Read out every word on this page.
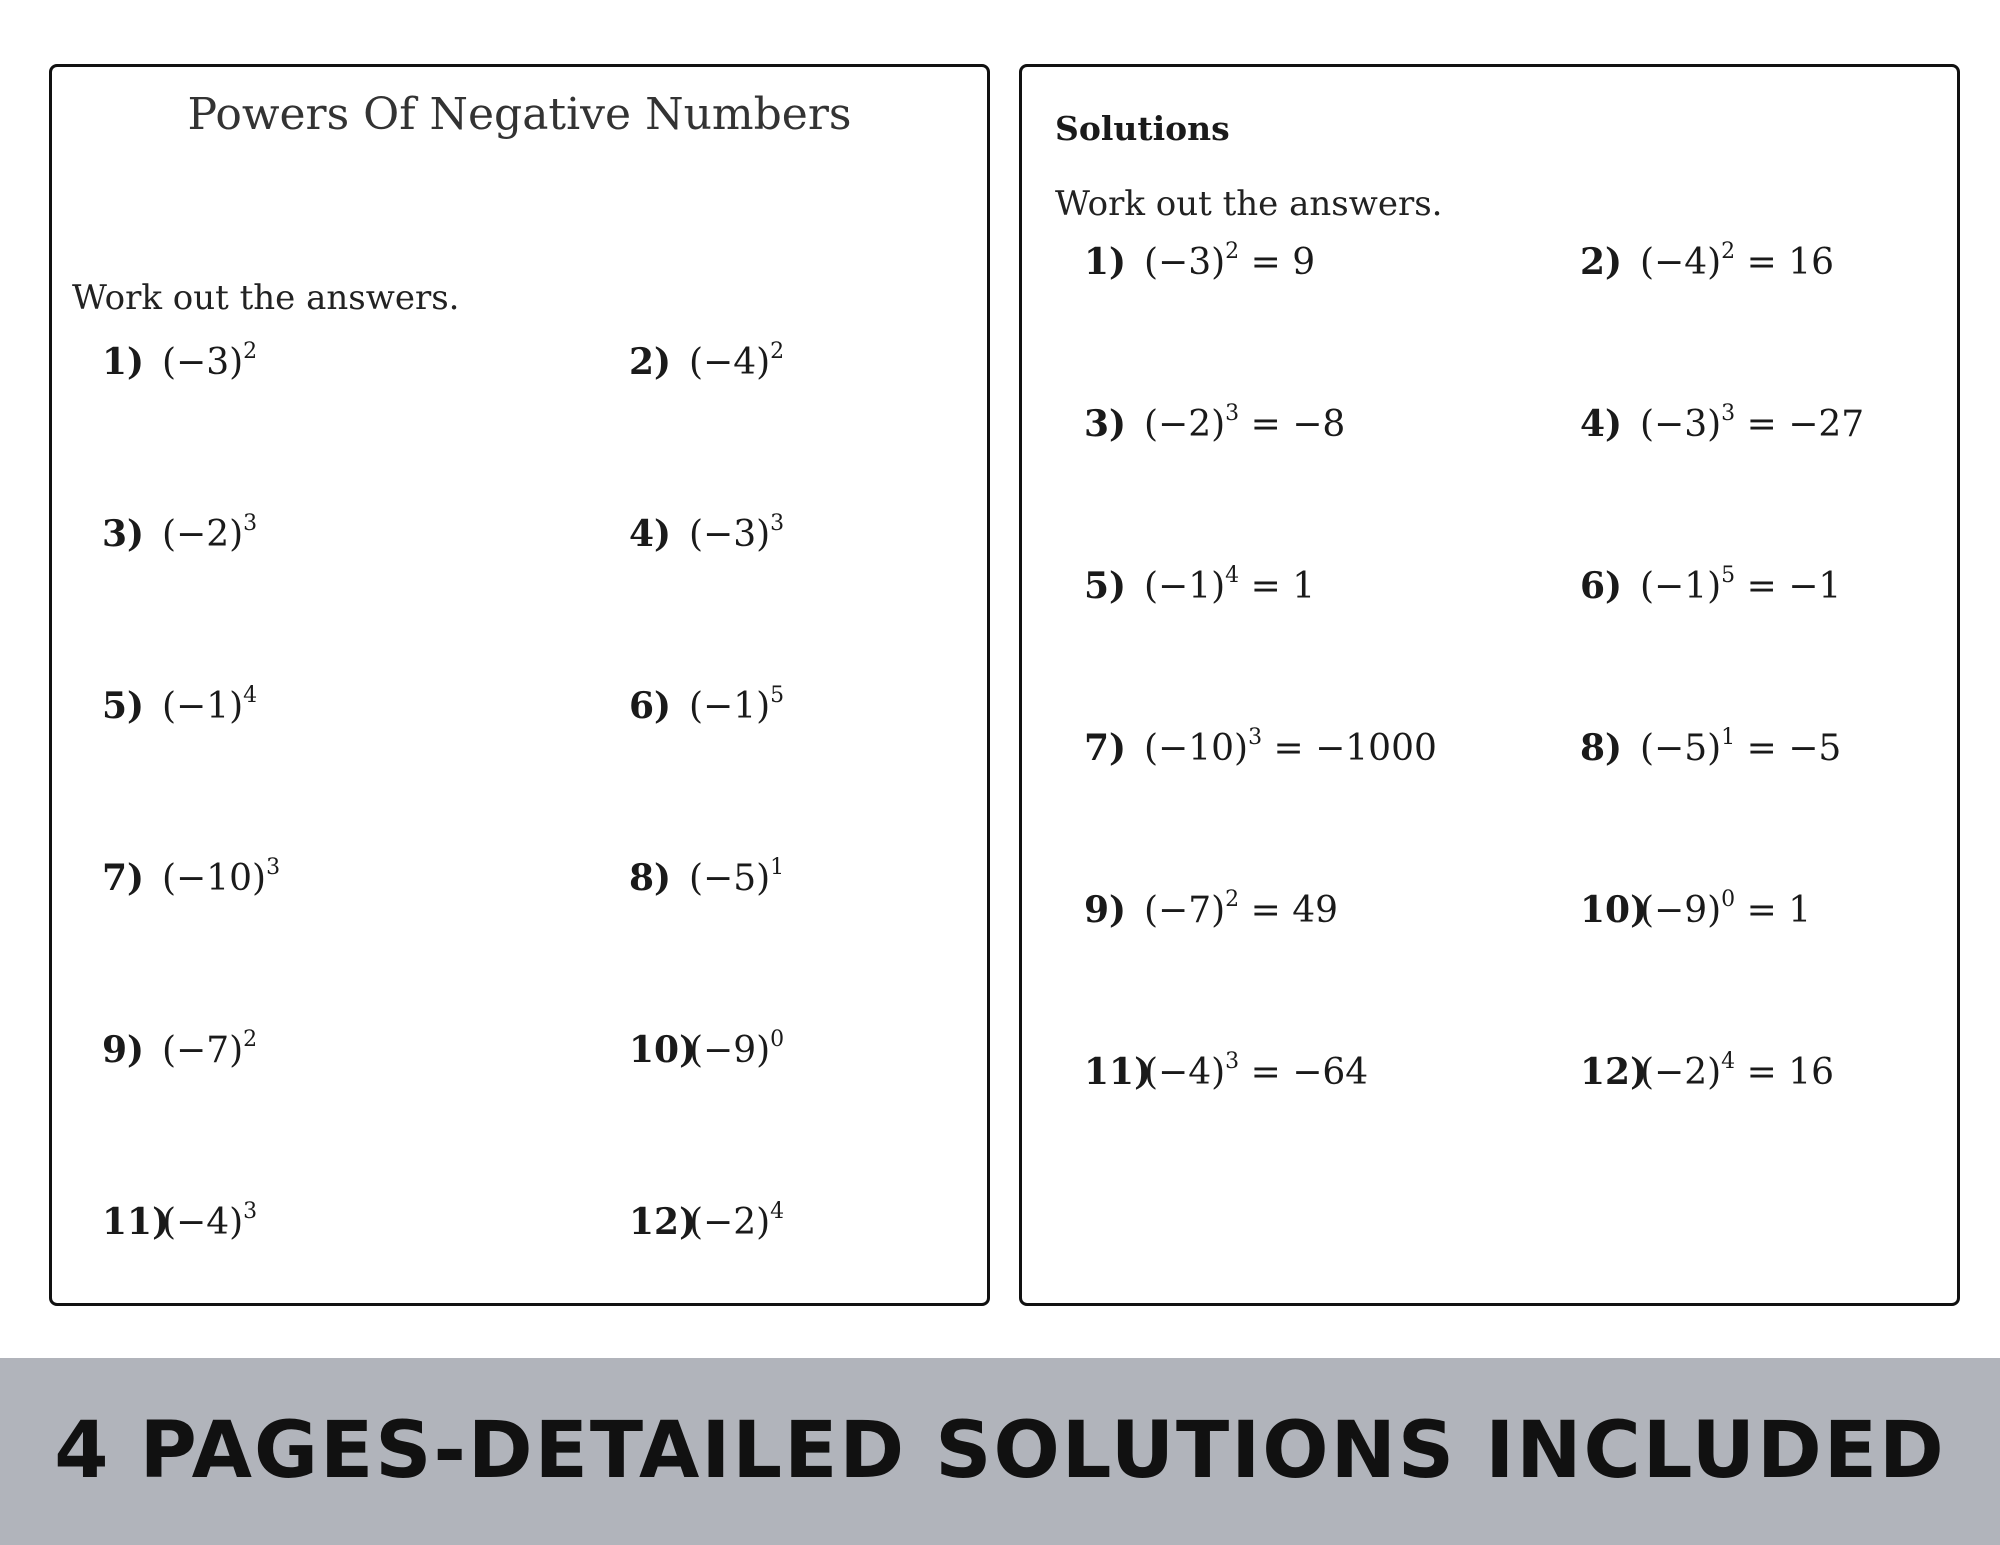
Powers Of Negative Numbers
Work out the answers.
1) $(-3)^2$	2) $(-4)^2$
3) $(-2)^3$	4) $(-3)^3$
5) $(-1)^4$	6) $(-1)^5$
7) $(-10)^3$	8) $(-5)^1$
9) $(-7)^2$	$10)(-9)^0$
$11)(-4)^3$	$12)(-2)^4$
Solutions
Work out the answers.
1) $(-3)^2 = 9$	2) $(-4)^2 = 16$
3) $(-2)^3 = -8$	4) $(-3)^3 = -27$
5) $(-1)^4 = 1$	6) $(-1)^5 = -1$
7) $(-10)^3 = -1000$	8) $(-5)^1 = -5$
9) $(-7)^2 = 49$	$10)(-9)^0 = 1$
$11)(-4)^3 = -64$	$12)(-2)^4 = 16$
4 PAGES-DETAILED SOLUTIONS INCLUDED
